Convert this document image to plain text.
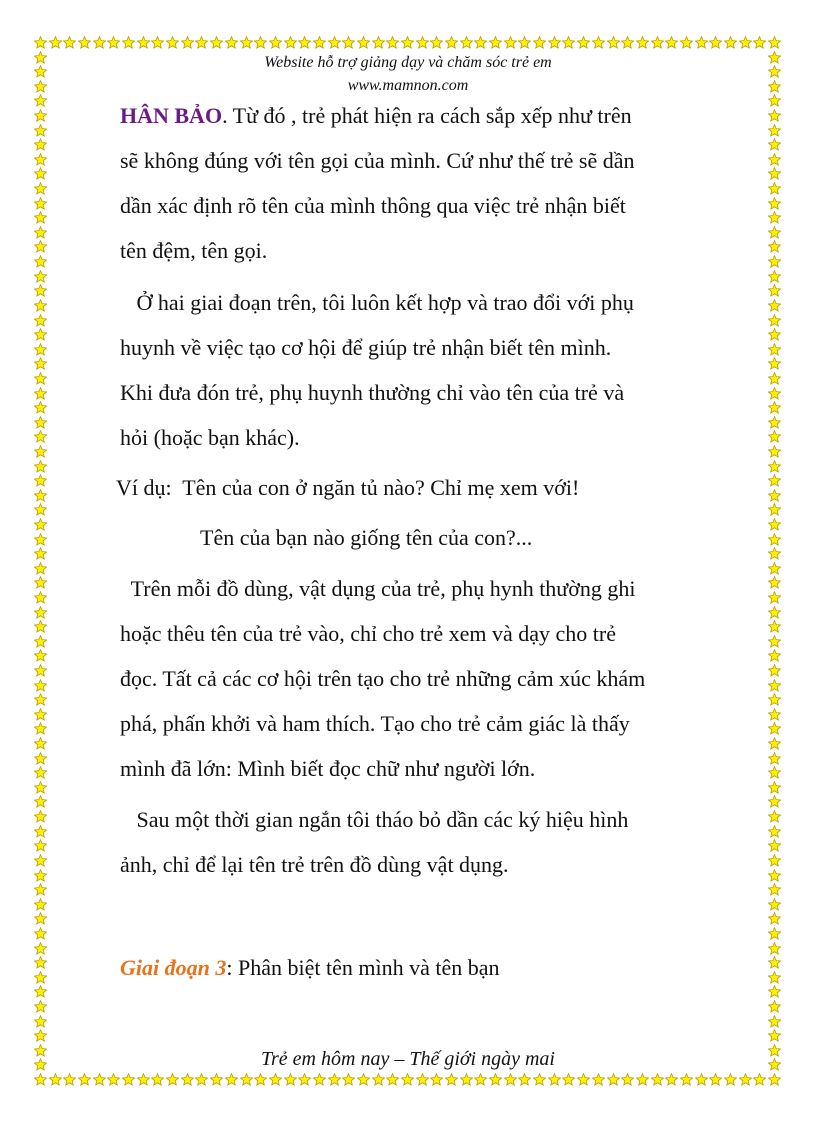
Website hỗ trợ giảng dạy và chăm sóc trẻ em
www.mamnon.com
HÂN BẢO. Từ đó , trẻ phát hiện ra cách sắp xếp như trên
sẽ không đúng với tên gọi của mình. Cứ như thế trẻ sẽ dần
dần xác định rõ tên của mình thông qua việc trẻ nhận biết
tên đệm, tên gọi.
Ở hai giai đoạn trên, tôi luôn kết hợp và trao đổi với phụ
huynh về việc tạo cơ hội để giúp trẻ nhận biết tên mình.
Khi đưa đón trẻ, phụ huynh thường chỉ vào tên của trẻ và
hỏi (hoặc bạn khác).
Ví dụ:  Tên của con ở ngăn tủ nào? Chỉ mẹ xem với!
Tên của bạn nào giống tên của con?...
Trên mỗi đồ dùng, vật dụng của trẻ, phụ hynh thường ghi
hoặc thêu tên của trẻ vào, chỉ cho trẻ xem và dạy cho trẻ
đọc. Tất cả các cơ hội trên tạo cho trẻ những cảm xúc khám
phá, phấn khởi và ham thích. Tạo cho trẻ cảm giác là thấy
mình đã lớn: Mình biết đọc chữ như người lớn.
Sau một thời gian ngắn tôi tháo bỏ dần các ký hiệu hình
ảnh, chỉ để lại tên trẻ trên đồ dùng vật dụng.
Giai đoạn 3: Phân biệt tên mình và tên bạn
Trẻ em hôm nay – Thế giới ngày mai
